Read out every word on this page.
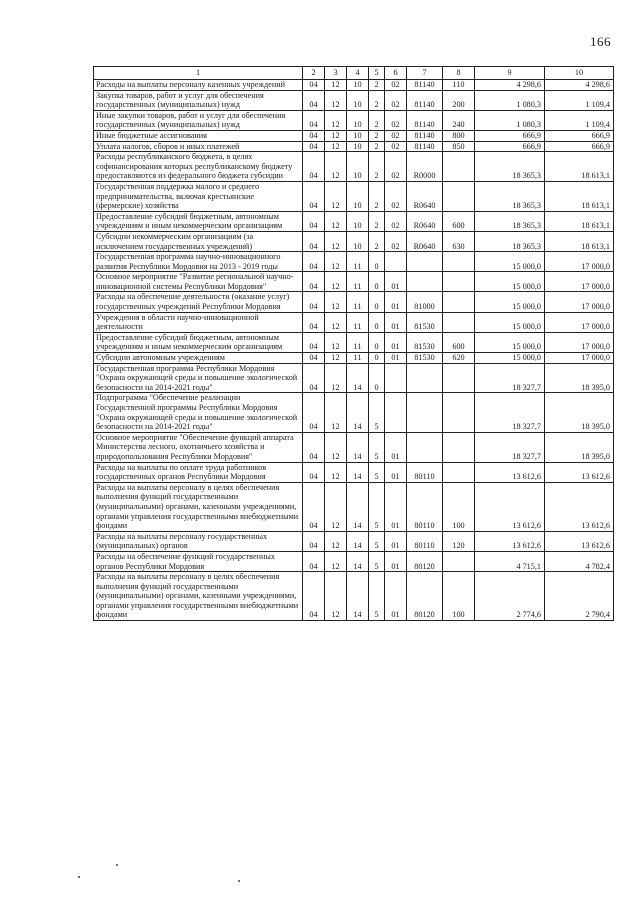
166
1	2	3	4	5	6	7	8	9	10
Расходы на выплаты персоналу казенных учреждений	04	12	10	2	02	81140	110	4 298,6	4 298,6
Закупка товаров, работ и услуг для обеспечения государственных (муниципальных) нужд	04	12	10	2	02	81140	200	1 080,3	1 109,4
Иные закупки товаров, работ и услуг для обеспечения государственных (муниципальных) нужд	04	12	10	2	02	81140	240	1 080,3	1 109,4
Иные бюджетные ассигнования	04	12	10	2	02	81140	800	666,9	666,9
Уплата налогов, сборов и иных платежей	04	12	10	2	02	81140	850	666,9	666,9
Расходы республиканского бюджета, в целях софинансирования которых республиканскому бюджету предоставляются из федерального бюджета субсидии	04	12	10	2	02	R0000		18 365,3	18 613,1
Государственная поддержка малого и среднего предпринимательства, включая крестьянские (фермерские) хозяйства	04	12	10	2	02	R0640		18 365,3	18 613,1
Предоставление субсидий бюджетным, автономным учреждениям и иным некоммерческим организациям	04	12	10	2	02	R0640	600	18 365,3	18 613,1
Субсидии некоммерческим организациям (за исключением государственных учреждений)	04	12	10	2	02	R0640	630	18 365,3	18 613,1
Государственная программа научно-инновационного развития Республики Мордовия на 2013 - 2019 годы	04	12	11	0				15 000,0	17 000,0
Основное мероприятие "Развитие региональной научно-инновационной системы Республики Мордовия"	04	12	11	0	01			15 000,0	17 000,0
Расходы на обеспечение деятельности (оказание услуг) государственных учреждений Республики Мордовия	04	12	11	0	01	81000		15 000,0	17 000,0
Учреждения в области научно-инновационной деятельности	04	12	11	0	01	81530		15 000,0	17 000,0
Предоставление субсидий бюджетным, автономным учреждениям и иным некоммерческим организациям	04	12	11	0	01	81530	600	15 000,0	17 000,0
Субсидии автономным учреждениям	04	12	11	0	01	81530	620	15 000,0	17 000,0
Государственная программа Республики Мордовия "Охрана окружающей среды и повышение экологической безопасности на 2014-2021 годы"	04	12	14	0				18 327,7	18 395,0
Подпрограмма "Обеспечение реализации Государственной программы Республики Мордовия "Охрана окружающей среды и повышение экологической безопасности на 2014-2021 годы"	04	12	14	5				18 327,7	18 395,0
Основное мероприятие "Обеспечение функций аппарата Министерства лесного, охотничьего хозяйства и природопользования Республики Мордовия"	04	12	14	5	01			18 327,7	18 395,0
Расходы на выплаты по оплате труда работников государственных органов Республики Мордовия	04	12	14	5	01	80110		13 612,6	13 612,6
Расходы на выплаты персоналу в целях обеспечения выполнения функций государственными (муниципальными) органами, казенными учреждениями, органами управления государственными внебюджетными фондами	04	12	14	5	01	80110	100	13 612,6	13 612,6
Расходы на выплаты персоналу государственных (муниципальных) органов	04	12	14	5	01	80110	120	13 612,6	13 612,6
Расходы на обеспечение функций государственных органов Республики Мордовия	04	12	14	5	01	80120		4 715,1	4 782,4
Расходы на выплаты персоналу в целях обеспечения выполнения функций государственными (муниципальными) органами, казенными учреждениями, органами управления государственными внебюджетными фондами	04	12	14	5	01	80120	100	2 774,6	2 790,4
